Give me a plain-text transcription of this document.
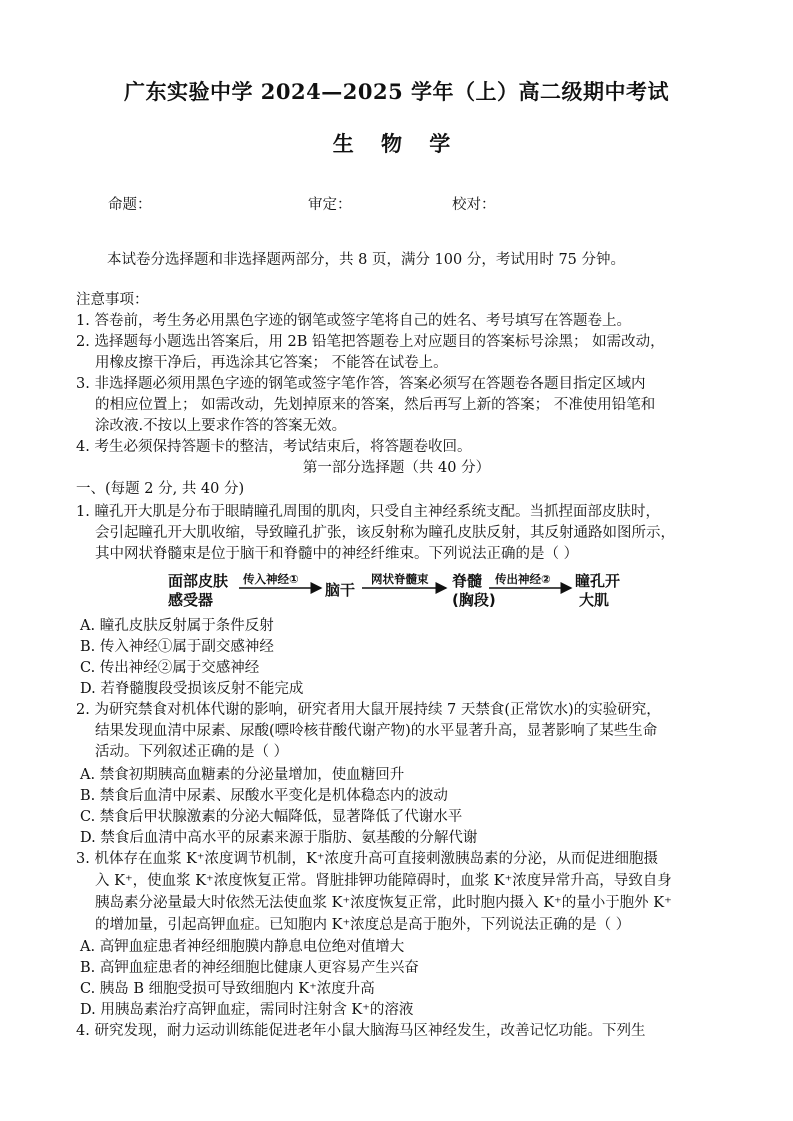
广东实验中学 2024—2025 学年（上）高二级期中考试
生 物 学
命题：	审定：	校对：
本试卷分选择题和非选择题两部分，共 8 页，满分 100 分，考试用时 75 分钟。
注意事项：
1. 答卷前，考生务必用黑色字迹的钢笔或签字笔将自己的姓名、考号填写在答题卷上。
2. 选择题每小题选出答案后，用 2B 铅笔把答题卷上对应题目的答案标号涂黑； 如需改动，
用橡皮擦干净后，再选涂其它答案； 不能答在试卷上。
3. 非选择题必须用黑色字迹的钢笔或签字笔作答，答案必须写在答题卷各题目指定区域内
的相应位置上； 如需改动，先划掉原来的答案，然后再写上新的答案； 不准使用铅笔和
涂改液.不按以上要求作答的答案无效。
4. 考生必须保持答题卡的整洁，考试结束后，将答题卷收回。
第一部分选择题（共 40 分）
一、(每题 2 分, 共 40 分)
1. 瞳孔开大肌是分布于眼睛瞳孔周围的肌肉，只受自主神经系统支配。当抓捏面部皮肤时，
会引起瞳孔开大肌收缩，导致瞳孔扩张，该反射称为瞳孔皮肤反射，其反射通路如图所示，
其中网状脊髓束是位于脑干和脊髓中的神经纤维束。下列说法正确的是（ ）
面部皮肤
感受器
传入神经①
脑干
网状脊髓束 脊髓
(胸段)
传出神经② 瞳孔开
大肌
A. 瞳孔皮肤反射属于条件反射
B. 传入神经①属于副交感神经
C. 传出神经②属于交感神经
D. 若脊髓腹段受损该反射不能完成
2. 为研究禁食对机体代谢的影响，研究者用大鼠开展持续 7 天禁食(正常饮水)的实验研究，
结果发现血清中尿素、尿酸(嘌呤核苷酸代谢产物)的水平显著升高，显著影响了某些生命
活动。下列叙述正确的是（ ）
A. 禁食初期胰高血糖素的分泌量增加，使血糖回升
B. 禁食后血清中尿素、尿酸水平变化是机体稳态内的波动
C. 禁食后甲状腺激素的分泌大幅降低，显著降低了代谢水平
D. 禁食后血清中高水平的尿素来源于脂肪、氨基酸的分解代谢
3. 机体存在血浆 K⁺浓度调节机制，K⁺浓度升高可直接刺激胰岛素的分泌，从而促进细胞摄
入 K⁺，使血浆 K⁺浓度恢复正常。肾脏排钾功能障碍时，血浆 K⁺浓度异常升高，导致自身
胰岛素分泌量最大时依然无法使血浆 K⁺浓度恢复正常，此时胞内摄入 K⁺的量小于胞外 K⁺
的增加量，引起高钾血症。已知胞内 K⁺浓度总是高于胞外，下列说法正确的是（ ）
A. 高钾血症患者神经细胞膜内静息电位绝对值增大
B. 高钾血症患者的神经细胞比健康人更容易产生兴奋
C. 胰岛 B 细胞受损可导致细胞内 K⁺浓度升高
D. 用胰岛素治疗高钾血症，需同时注射含 K⁺的溶液
4. 研究发现，耐力运动训练能促进老年小鼠大脑海马区神经发生，改善记忆功能。下列生
